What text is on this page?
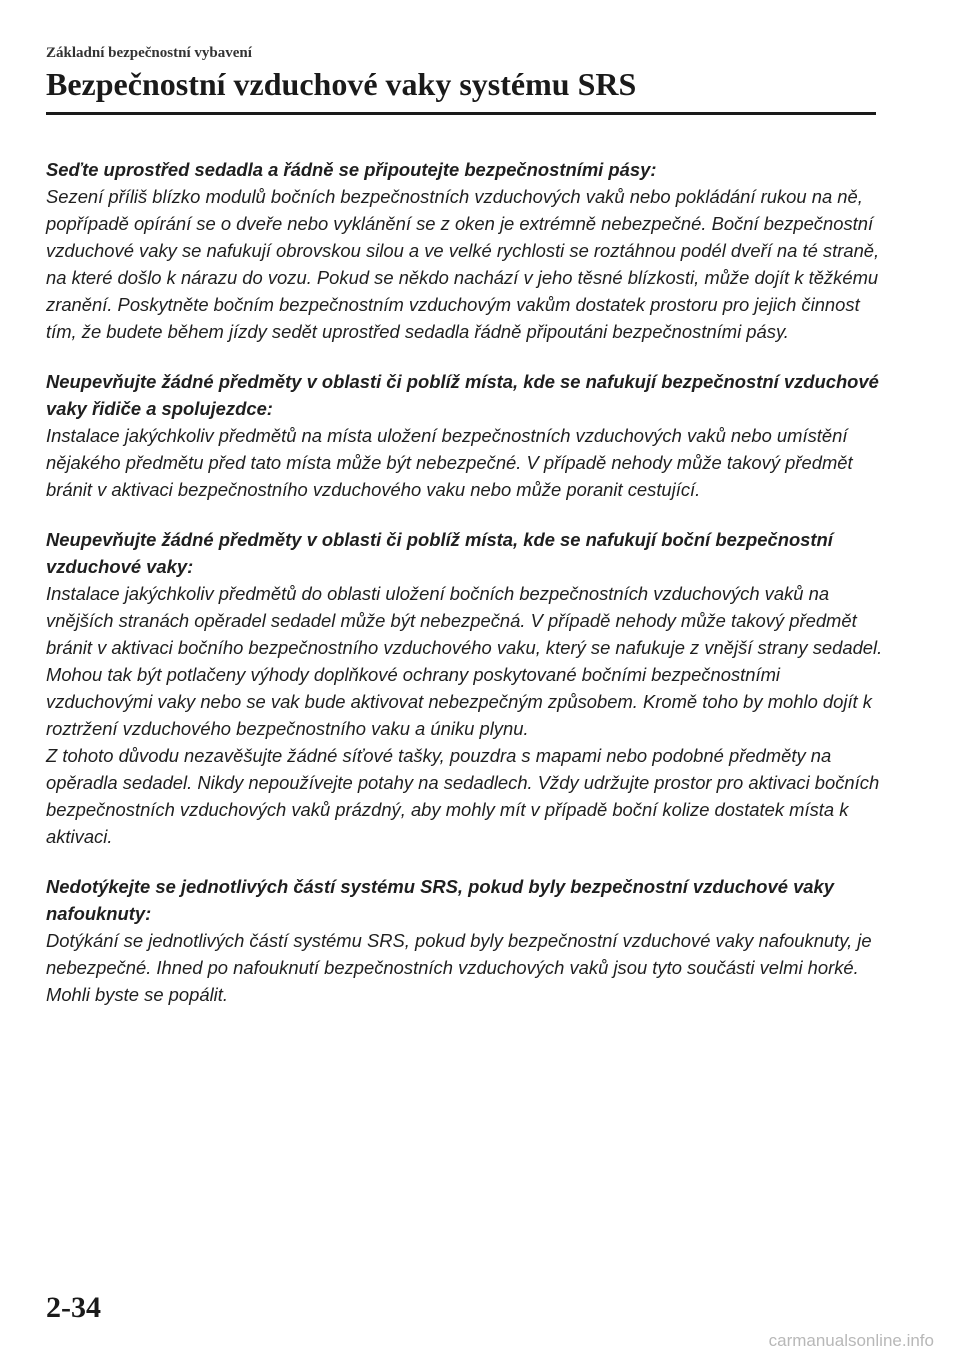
Základní bezpečnostní vybavení
Bezpečnostní vzduchové vaky systému SRS
Seďte uprostřed sedadla a řádně se připoutejte bezpečnostními pásy:

Sezení příliš blízko modulů bočních bezpečnostních vzduchových vaků nebo pokládání rukou na ně, popřípadě opírání se o dveře nebo vyklánění se z oken je extrémně nebezpečné. Boční bezpečnostní vzduchové vaky se nafukují obrovskou silou a ve velké rychlosti se roztáhnou podél dveří na té straně, na které došlo k nárazu do vozu. Pokud se někdo nachází v jeho těsné blízkosti, může dojít k těžkému zranění. Poskytněte bočním bezpečnostním vzduchovým vakům dostatek prostoru pro jejich činnost tím, že budete během jízdy sedět uprostřed sedadla řádně připoutáni bezpečnostními pásy.

Neupevňujte žádné předměty v oblasti či poblíž místa, kde se nafukují bezpečnostní vzduchové vaky řidiče a spolujezdce:

Instalace jakýchkoliv předmětů na místa uložení bezpečnostních vzduchových vaků nebo umístění nějakého předmětu před tato místa může být nebezpečné. V případě nehody může takový předmět bránit v aktivaci bezpečnostního vzduchového vaku nebo může poranit cestující.

Neupevňujte žádné předměty v oblasti či poblíž místa, kde se nafukují boční bezpečnostní vzduchové vaky:

Instalace jakýchkoliv předmětů do oblasti uložení bočních bezpečnostních vzduchových vaků na vnějších stranách opěradel sedadel může být nebezpečná. V případě nehody může takový předmět bránit v aktivaci bočního bezpečnostního vzduchového vaku, který se nafukuje z vnější strany sedadel. Mohou tak být potlačeny výhody doplňkové ochrany poskytované bočními bezpečnostními vzduchovými vaky nebo se vak bude aktivovat nebezpečným způsobem. Kromě toho by mohlo dojít k roztržení vzduchového bezpečnostního vaku a úniku plynu.

Z tohoto důvodu nezavěšujte žádné síťové tašky, pouzdra s mapami nebo podobné předměty na opěradla sedadel. Nikdy nepoužívejte potahy na sedadlech. Vždy udržujte prostor pro aktivaci bočních bezpečnostních vzduchových vaků prázdný, aby mohly mít v případě boční kolize dostatek místa k aktivaci.

Nedotýkejte se jednotlivých částí systému SRS, pokud byly bezpečnostní vzduchové vaky nafouknuty:

Dotýkání se jednotlivých částí systému SRS, pokud byly bezpečnostní vzduchové vaky nafouknuty, je nebezpečné. Ihned po nafouknutí bezpečnostních vzduchových vaků jsou tyto součásti velmi horké. Mohli byste se popálit.

2-34
carmanualsonline.info
